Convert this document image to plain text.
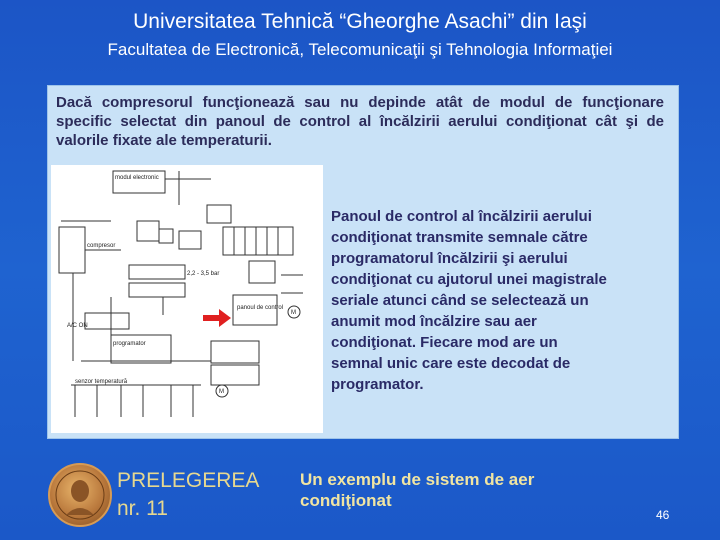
Universitatea Tehnică “Gheorghe Asachi” din Iaşi
Facultatea de Electronică, Telecomunicaţii şi Tehnologia Informaţiei
Dacă compresorul funcţionează sau nu depinde atât de modul de funcţionare specific selectat din panoul de control al încălzirii aerului condiţionat cât şi de valorile fixate ale temperaturii.
modul electronic
compresor
panoul de control
programator
senzor temperatură
A/C ON
2,2 - 3,5 bar
M
M
Panoul de control al încălzirii aerului
condiţionat transmite semnale către
programatorul încălzirii şi aerului
condiţionat cu ajutorul unei magistrale
seriale atunci când se selectează un
anumit mod încălzire sau aer
condiţionat. Fiecare mod are un
semnal unic care este decodat de
programator.
PRELEGEREA
nr. 11
Un exemplu de sistem de aer
condiţionat
46
